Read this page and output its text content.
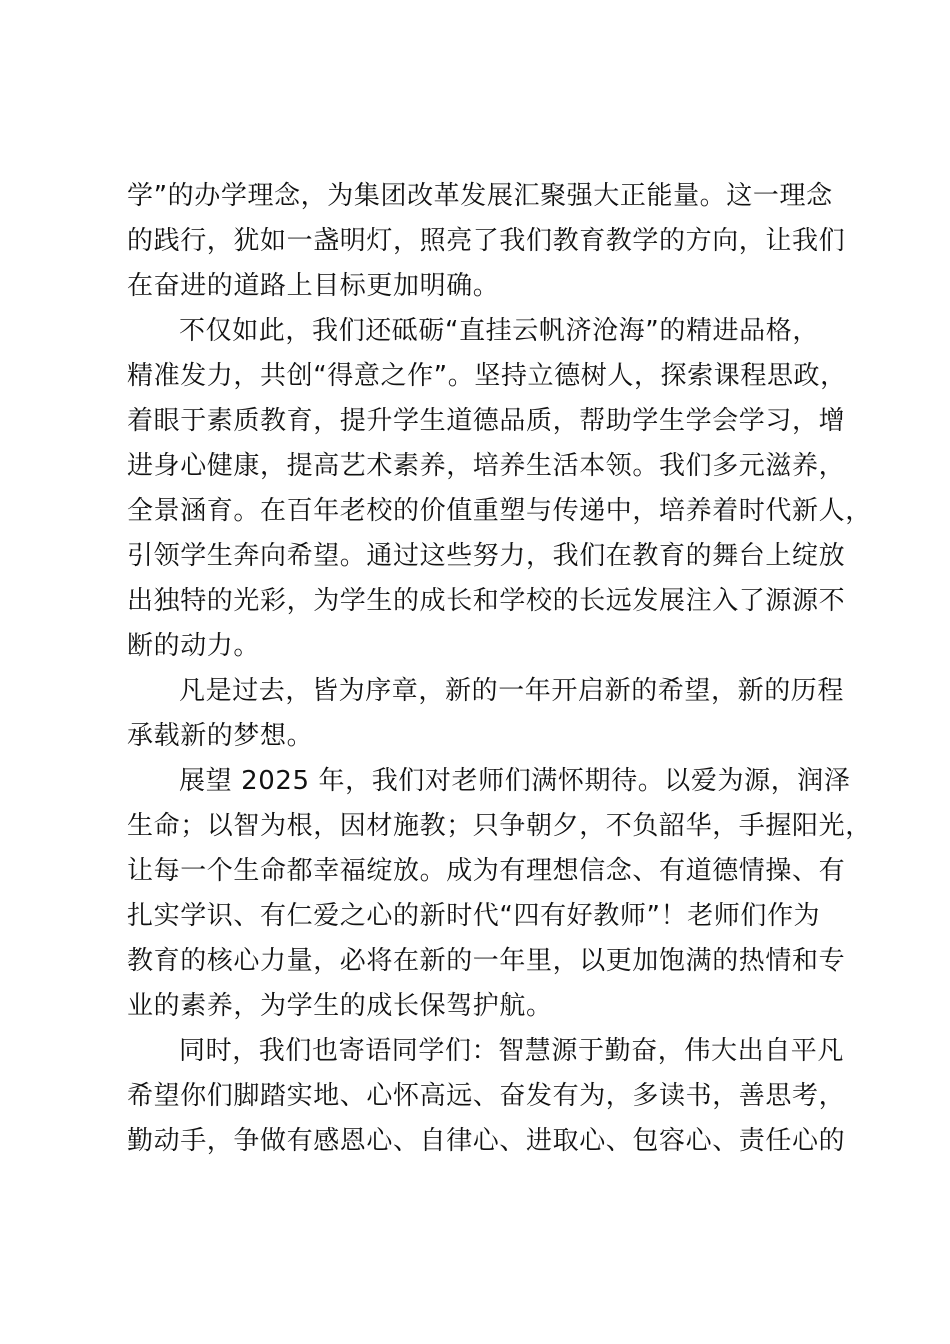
学”的办学理念，为集团改革发展汇聚强大正能量。这一理念
的践行，犹如一盏明灯，照亮了我们教育教学的方向，让我们
在奋进的道路上目标更加明确。
不仅如此，我们还砥砺“直挂云帆济沧海”的精进品格，
精准发力，共创“得意之作”。坚持立德树人，探索课程思政，
着眼于素质教育，提升学生道德品质，帮助学生学会学习，增
进身心健康，提高艺术素养，培养生活本领。我们多元滋养，
全景涵育。在百年老校的价值重塑与传递中，培养着时代新人，
引领学生奔向希望。通过这些努力，我们在教育的舞台上绽放
出独特的光彩，为学生的成长和学校的长远发展注入了源源不
断的动力。
凡是过去，皆为序章，新的一年开启新的希望，新的历程
承载新的梦想。
展望 2025 年，我们对老师们满怀期待。以爱为源，润泽
生命；以智为根，因材施教；只争朝夕，不负韶华，手握阳光，
让每一个生命都幸福绽放。成为有理想信念、有道德情操、有
扎实学识、有仁爱之心的新时代“四有好教师”！老师们作为
教育的核心力量，必将在新的一年里，以更加饱满的热情和专
业的素养，为学生的成长保驾护航。
同时，我们也寄语同学们：智慧源于勤奋，伟大出自平凡
希望你们脚踏实地、心怀高远、奋发有为，多读书，善思考，
勤动手，争做有感恩心、自律心、进取心、包容心、责任心的
